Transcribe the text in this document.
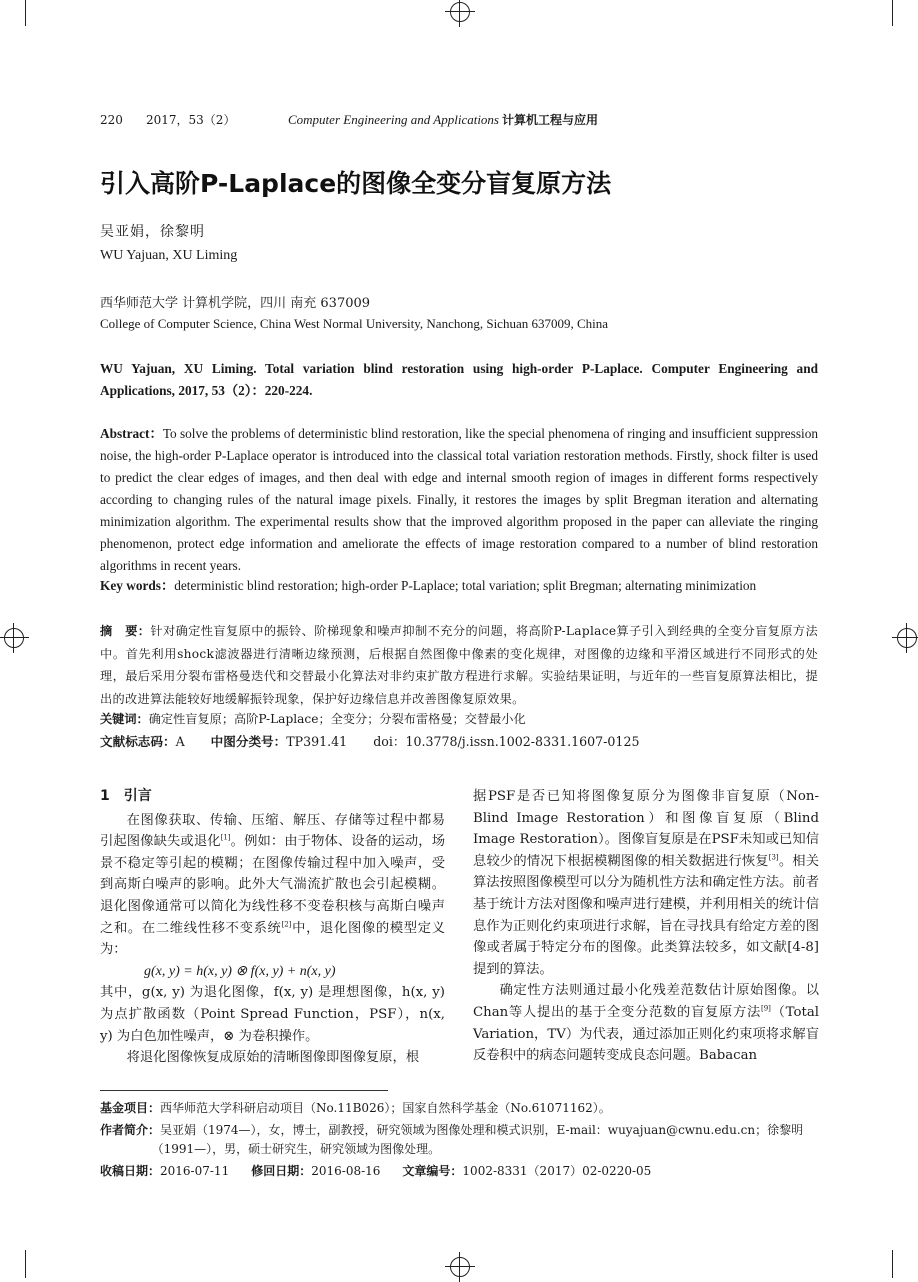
220	2017，53（2）	Computer Engineering and Applications 计算机工程与应用
引入高阶P-Laplace的图像全变分盲复原方法
吴亚娟，徐黎明
WU Yajuan, XU Liming
西华师范大学 计算机学院，四川 南充 637009
College of Computer Science, China West Normal University, Nanchong, Sichuan 637009, China
WU Yajuan, XU Liming. Total variation blind restoration using high-order P-Laplace. Computer Engineering and Applications, 2017, 53（2）：220-224.
Abstract：To solve the problems of deterministic blind restoration, like the special phenomena of ringing and insufficient suppression noise, the high-order P-Laplace operator is introduced into the classical total variation restoration methods. Firstly, shock filter is used to predict the clear edges of images, and then deal with edge and internal smooth region of images in different forms respectively according to changing rules of the natural image pixels. Finally, it restores the images by split Bregman iteration and alternating minimization algorithm. The experimental results show that the improved algorithm proposed in the paper can alleviate the ringing phenomenon, protect edge information and ameliorate the effects of image restoration compared to a number of blind restoration algorithms in recent years.
Key words：deterministic blind restoration; high-order P-Laplace; total variation; split Bregman; alternating minimization
摘　要：针对确定性盲复原中的振铃、阶梯现象和噪声抑制不充分的问题，将高阶P-Laplace算子引入到经典的全变分盲复原方法中。首先利用shock滤波器进行清晰边缘预测，后根据自然图像中像素的变化规律，对图像的边缘和平滑区域进行不同形式的处理，最后采用分裂布雷格曼迭代和交替最小化算法对非约束扩散方程进行求解。实验结果证明，与近年的一些盲复原算法相比，提出的改进算法能较好地缓解振铃现象，保护好边缘信息并改善图像复原效果。
关键词：确定性盲复原；高阶P-Laplace；全变分；分裂布雷格曼；交替最小化
文献标志码：A 中图分类号：TP391.41 doi：10.3778/j.issn.1002-8331.1607-0125
1　引言
在图像获取、传输、压缩、解压、存储等过程中都易引起图像缺失或退化[1]。例如：由于物体、设备的运动，场景不稳定等引起的模糊；在图像传输过程中加入噪声，受到高斯白噪声的影响。此外大气湍流扩散也会引起模糊。退化图像通常可以简化为线性移不变卷积核与高斯白噪声之和。在二维线性移不变系统[2]中，退化图像的模型定义为：
g(x, y) = h(x, y) ⊗ f(x, y) + n(x, y)
其中，g(x, y) 为退化图像，f(x, y) 是理想图像，h(x, y) 为点扩散函数（Point Spread Function，PSF），n(x, y) 为白色加性噪声，⊗ 为卷积操作。
将退化图像恢复成原始的清晰图像即图像复原，根
据PSF是否已知将图像复原分为图像非盲复原（Non-Blind Image Restoration）和图像盲复原（Blind Image Restoration）。图像盲复原是在PSF未知或已知信息较少的情况下根据模糊图像的相关数据进行恢复[3]。相关算法按照图像模型可以分为随机性方法和确定性方法。前者基于统计方法对图像和噪声进行建模，并利用相关的统计信息作为正则化约束项进行求解，旨在寻找具有给定方差的图像或者属于特定分布的图像。此类算法较多，如文献[4-8]提到的算法。
确定性方法则通过最小化残差范数估计原始图像。以Chan等人提出的基于全变分范数的盲复原方法[9]（Total Variation，TV）为代表，通过添加正则化约束项将求解盲反卷积中的病态问题转变成良态问题。Babacan
基金项目：西华师范大学科研启动项目（No.11B026）；国家自然科学基金（No.61071162）。
作者简介：吴亚娟（1974—），女，博士，副教授，研究领域为图像处理和模式识别，E-mail：wuyajuan@cwnu.edu.cn；徐黎明（1991—），男，硕士研究生，研究领域为图像处理。
收稿日期：2016-07-11 修回日期：2016-08-16 文章编号：1002-8331（2017）02-0220-05
